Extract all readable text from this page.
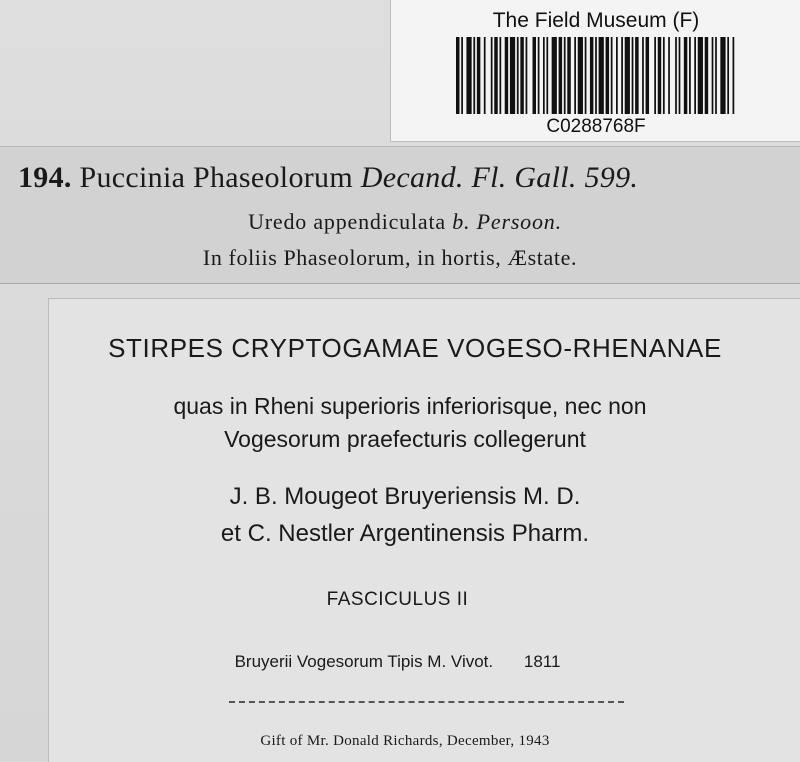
The Field Museum (F)
C0288768F
194. Puccinia Phaseolorum Decand. Fl. Gall. 599.
Uredo appendiculata b. Persoon.
In foliis Phaseolorum, in hortis, Æstate.
STIRPES CRYPTOGAMAE VOGESO-RHENANAE
quas in Rheni superioris inferiorisque, nec non
Vogesorum praefecturis collegerunt
J. B. Mougeot Bruyeriensis M. D.
et C. Nestler Argentinensis Pharm.
FASCICULUS II
Bruyerii Vogesorum Tipis M. Vivot. 1811
Gift of Mr. Donald Richards, December, 1943
